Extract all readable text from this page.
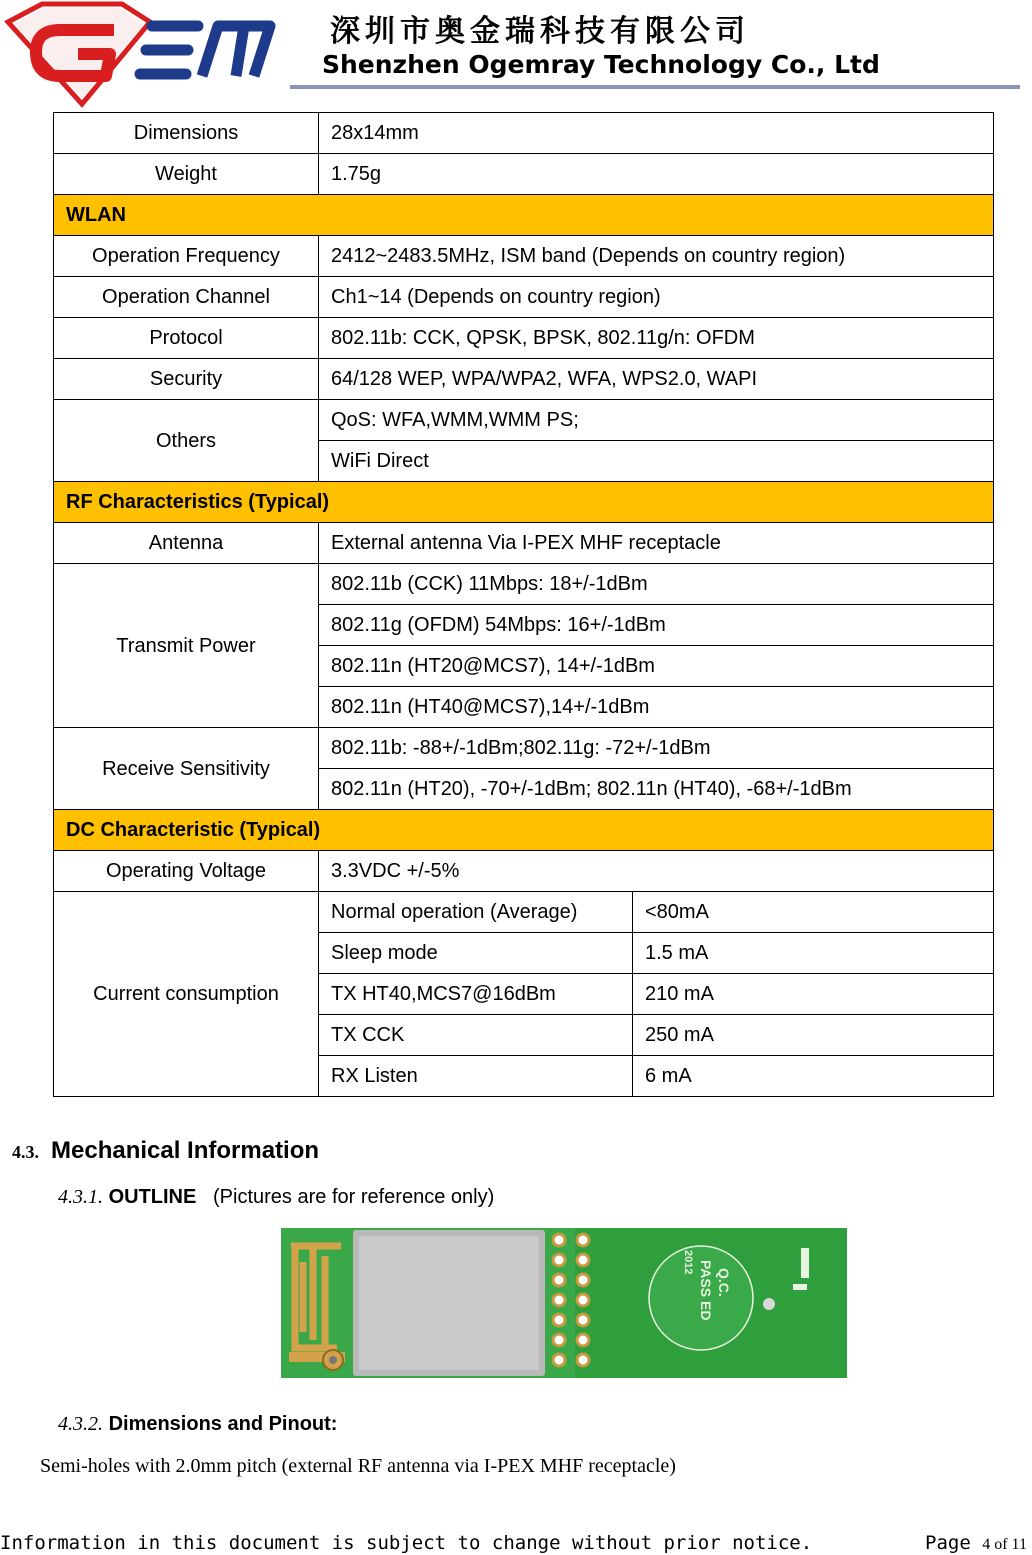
深圳市奥金瑞科技有限公司
Shenzhen Ogemray Technology Co., Ltd
Dimensions	28x14mm	
Weight	1.75g	
WLAN		
Operation Frequency	2412~2483.5MHz, ISM band (Depends on country region)	
Operation Channel	Ch1~14 (Depends on country region)	
Protocol	802.11b: CCK, QPSK, BPSK, 802.11g/n: OFDM	
Security	64/128 WEP, WPA/WPA2, WFA, WPS2.0, WAPI	
Others	QoS: WFA,WMM,WMM PS;	
	WiFi Direct	
RF Characteristics (Typical)		
Antenna	External antenna Via I-PEX MHF receptacle	
Transmit Power	802.11b (CCK) 11Mbps: 18+/-1dBm	
	802.11g (OFDM) 54Mbps: 16+/-1dBm	
	802.11n (HT20@MCS7), 14+/-1dBm	
	802.11n (HT40@MCS7),14+/-1dBm	
Receive Sensitivity	802.11b: -88+/-1dBm;802.11g: -72+/-1dBm	
	802.11n (HT20), -70+/-1dBm; 802.11n (HT40), -68+/-1dBm	
DC Characteristic (Typical)		
Operating Voltage	3.3VDC +/-5%	
Current consumption	Normal operation (Average)	<80mA
	Sleep mode	1.5 mA
	TX HT40,MCS7@16dBm	210 mA
	TX CCK	250 mA
	RX Listen	6 mA
4.3. Mechanical Information
4.3.1. OUTLINE (Pictures are for reference only)
Q.C.
PASS ED
2012
4.3.2. Dimensions and Pinout:
Semi-holes with 2.0mm pitch (external RF antenna via I-PEX MHF receptacle)
Information in this document is subject to change without prior notice.	Page 4 of 11
